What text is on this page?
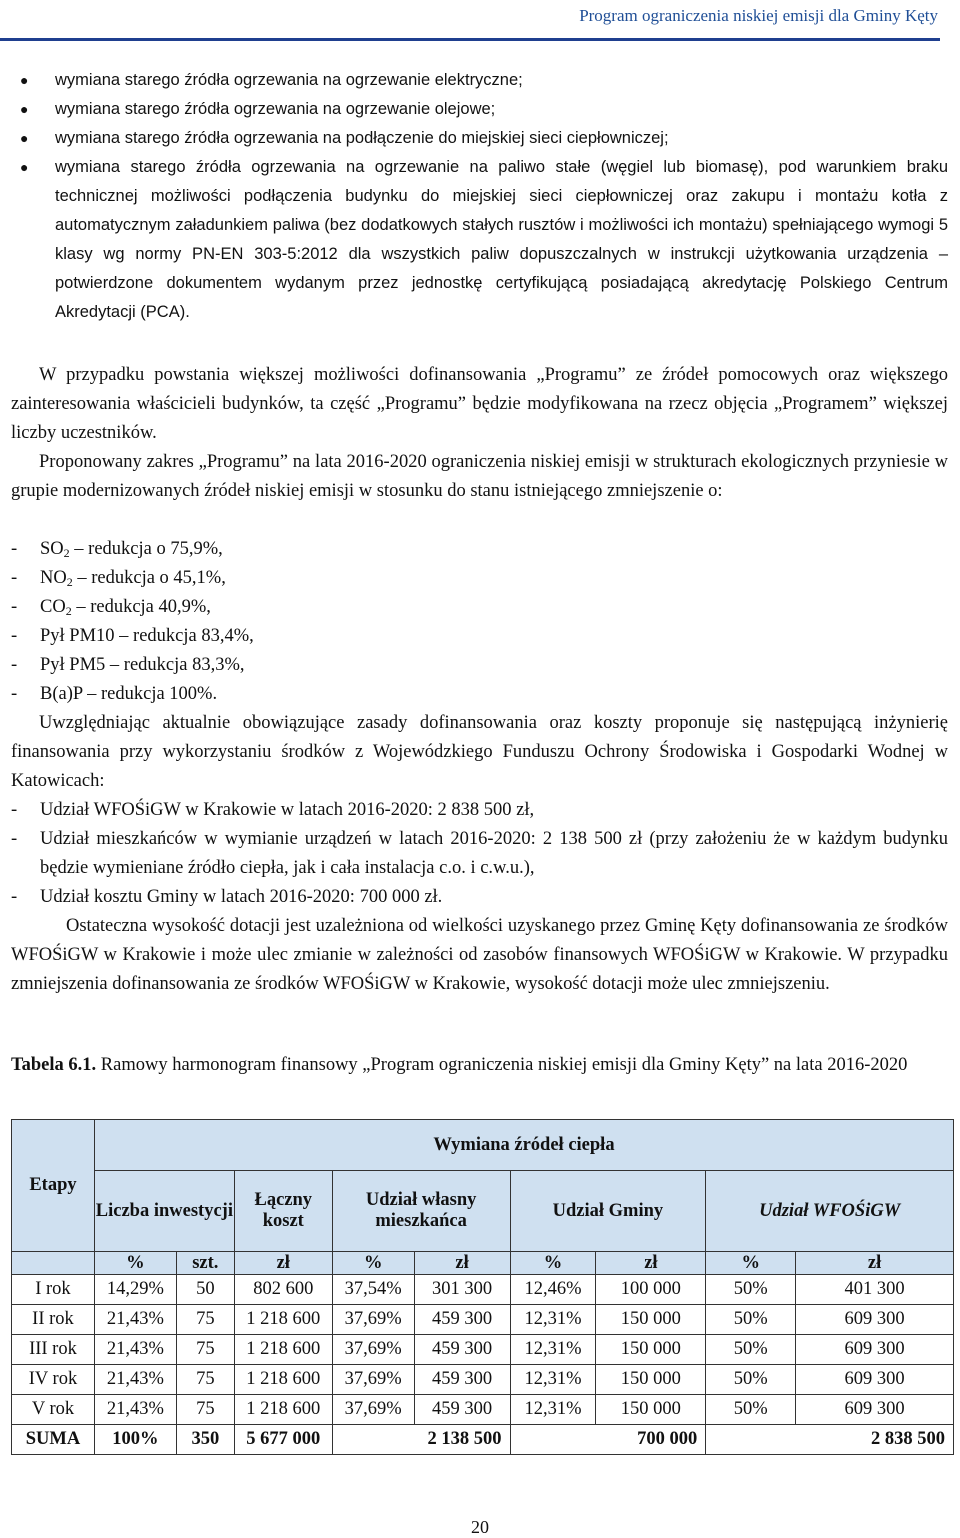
Program ograniczenia niskiej emisji dla Gminy Kęty
● wymiana starego źródła ogrzewania na ogrzewanie elektryczne;
● wymiana starego źródła ogrzewania na ogrzewanie olejowe;
● wymiana starego źródła ogrzewania na podłączenie do miejskiej sieci ciepłowniczej;
● wymiana starego źródła ogrzewania na ogrzewanie na paliwo stałe (węgiel lub biomasę), pod warunkiem braku technicznej możliwości podłączenia budynku do miejskiej sieci ciepłowniczej oraz zakupu i montażu kotła z automatycznym załadunkiem paliwa (bez dodatkowych stałych rusztów i możliwości ich montażu) spełniającego wymogi 5 klasy wg normy PN-EN 303-5:2012 dla wszystkich paliw dopuszczalnych w instrukcji użytkowania urządzenia – potwierdzone dokumentem wydanym przez jednostkę certyfikującą posiadającą akredytację Polskiego Centrum Akredytacji (PCA).
W przypadku powstania większej możliwości dofinansowania „Programu” ze źródeł pomocowych oraz większego zainteresowania właścicieli budynków, ta część „Programu” będzie modyfikowana na rzecz objęcia „Programem” większej liczby uczestników.
Proponowany zakres „Programu” na lata 2016-2020 ograniczenia niskiej emisji w strukturach ekologicznych przyniesie w grupie modernizowanych źródeł niskiej emisji w stosunku do stanu istniejącego zmniejszenie o:
- $SO_2$ – redukcja o 75,9%,
- $NO_2$ – redukcja o 45,1%,
- $CO_2$ – redukcja 40,9%,
- Pył PM10 – redukcja 83,4%,
- Pył PM5 – redukcja 83,3%,
- B(a)P – redukcja 100%.
Uwzględniając aktualnie obowiązujące zasady dofinansowania oraz koszty proponuje się następującą inżynierię finansowania przy wykorzystaniu środków z Wojewódzkiego Funduszu Ochrony Środowiska i Gospodarki Wodnej w Katowicach:
- Udział WFOŚiGW w Krakowie w latach 2016-2020: 2 838 500 zł,
- Udział mieszkańców w wymianie urządzeń w latach 2016-2020: 2 138 500 zł (przy założeniu że w każdym budynku będzie wymieniane źródło ciepła, jak i cała instalacja c.o. i c.w.u.),
- Udział kosztu Gminy w latach 2016-2020: 700 000 zł.
Ostateczna wysokość dotacji jest uzależniona od wielkości uzyskanego przez Gminę Kęty dofinansowania ze środków WFOŚiGW w Krakowie i może ulec zmianie w zależności od zasobów finansowych WFOŚiGW w Krakowie. W przypadku zmniejszenia dofinansowania ze środków WFOŚiGW w Krakowie, wysokość dotacji może ulec zmniejszeniu.
Tabela 6.1. Ramowy harmonogram finansowy „Program ograniczenia niskiej emisji dla Gminy Kęty” na lata 2016-2020
Etapy	Wymiana źródeł ciepła								
	Liczba inwestycji		Łączny koszt	Udział własny mieszkańca		Udział Gminy		Udział WFOŚiGW	
	%	szt.	zł	%	zł	%	zł	%	zł
I rok	14,29%	50	802 600	37,54%	301 300	12,46%	100 000	50%	401 300
II rok	21,43%	75	1 218 600	37,69%	459 300	12,31%	150 000	50%	609 300
III rok	21,43%	75	1 218 600	37,69%	459 300	12,31%	150 000	50%	609 300
IV rok	21,43%	75	1 218 600	37,69%	459 300	12,31%	150 000	50%	609 300
V rok	21,43%	75	1 218 600	37,69%	459 300	12,31%	150 000	50%	609 300
SUMA	100%	350	5 677 000	2 138 500		700 000		2 838 500	
20
